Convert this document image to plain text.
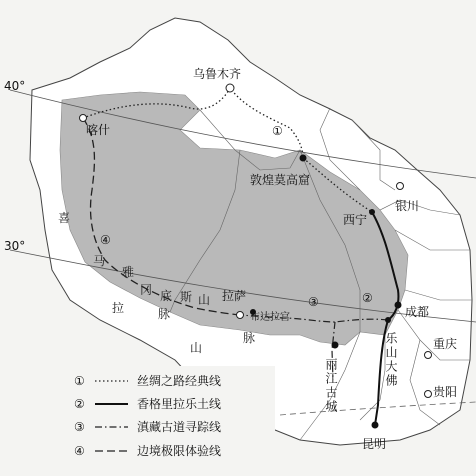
40°
30°
乌鲁木齐
喀什
敦煌莫高窟
西宁
银川
成都
拉萨
布达拉宫
重庆
贵阳
昆明
乐山大佛
丽江古城
喜
马
拉
雅
山
脉
冈 底 斯 山
脉
①
②
③
④
①	丝绸之路经典线
②	香格里拉乐土线
③	滇藏古道寻踪线
④	边境极限体验线
